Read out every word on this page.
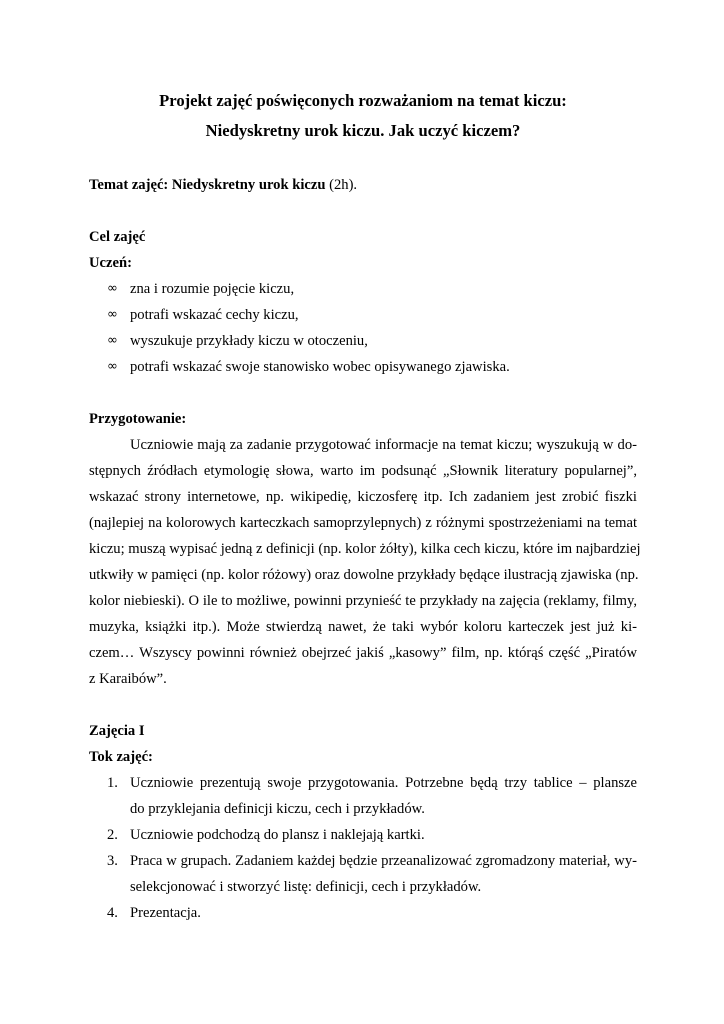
Projekt zajęć poświęconych rozważaniom na temat kiczu:

Niedyskretny urok kiczu. Jak uczyć kiczem?

Temat zajęć: Niedyskretny urok kiczu (2h).

Cel zajęć

Uczeń:

∞ zna i rozumie pojęcie kiczu,
∞ potrafi wskazać cechy kiczu,
∞ wyszukuje przykłady kiczu w otoczeniu,
∞ potrafi wskazać swoje stanowisko wobec opisywanego zjawiska.

Przygotowanie:

Uczniowie mają za zadanie przygotować informacje na temat kiczu; wyszukują w do-
stępnych źródłach etymologię słowa, warto im podsunąć „Słownik literatury popularnej”,
wskazać strony internetowe, np. wikipedię, kiczosferę itp. Ich zadaniem jest zrobić fiszki
(najlepiej na kolorowych karteczkach samoprzylepnych) z różnymi spostrzeżeniami na temat
kiczu; muszą wypisać jedną z definicji (np. kolor żółty), kilka cech kiczu, które im najbardziej
utkwiły w pamięci (np. kolor różowy) oraz dowolne przykłady będące ilustracją zjawiska (np.
kolor niebieski). O ile to możliwe, powinni przynieść te przykłady na zajęcia (reklamy, filmy,
muzyka, książki itp.). Może stwierdzą nawet, że taki wybór koloru karteczek jest już ki-
czem… Wszyscy powinni również obejrzeć jakiś „kasowy” film, np. którąś część „Piratów
z Karaibów”.

Zajęcia I

Tok zajęć:

1. Uczniowie prezentują swoje przygotowania. Potrzebne będą trzy tablice – plansze
do przyklejania definicji kiczu, cech i przykładów.
2. Uczniowie podchodzą do plansz i naklejają kartki.
3. Praca w grupach. Zadaniem każdej będzie przeanalizować zgromadzony materiał, wy-
selekcjonować i stworzyć listę: definicji, cech i przykładów.
4. Prezentacja.
